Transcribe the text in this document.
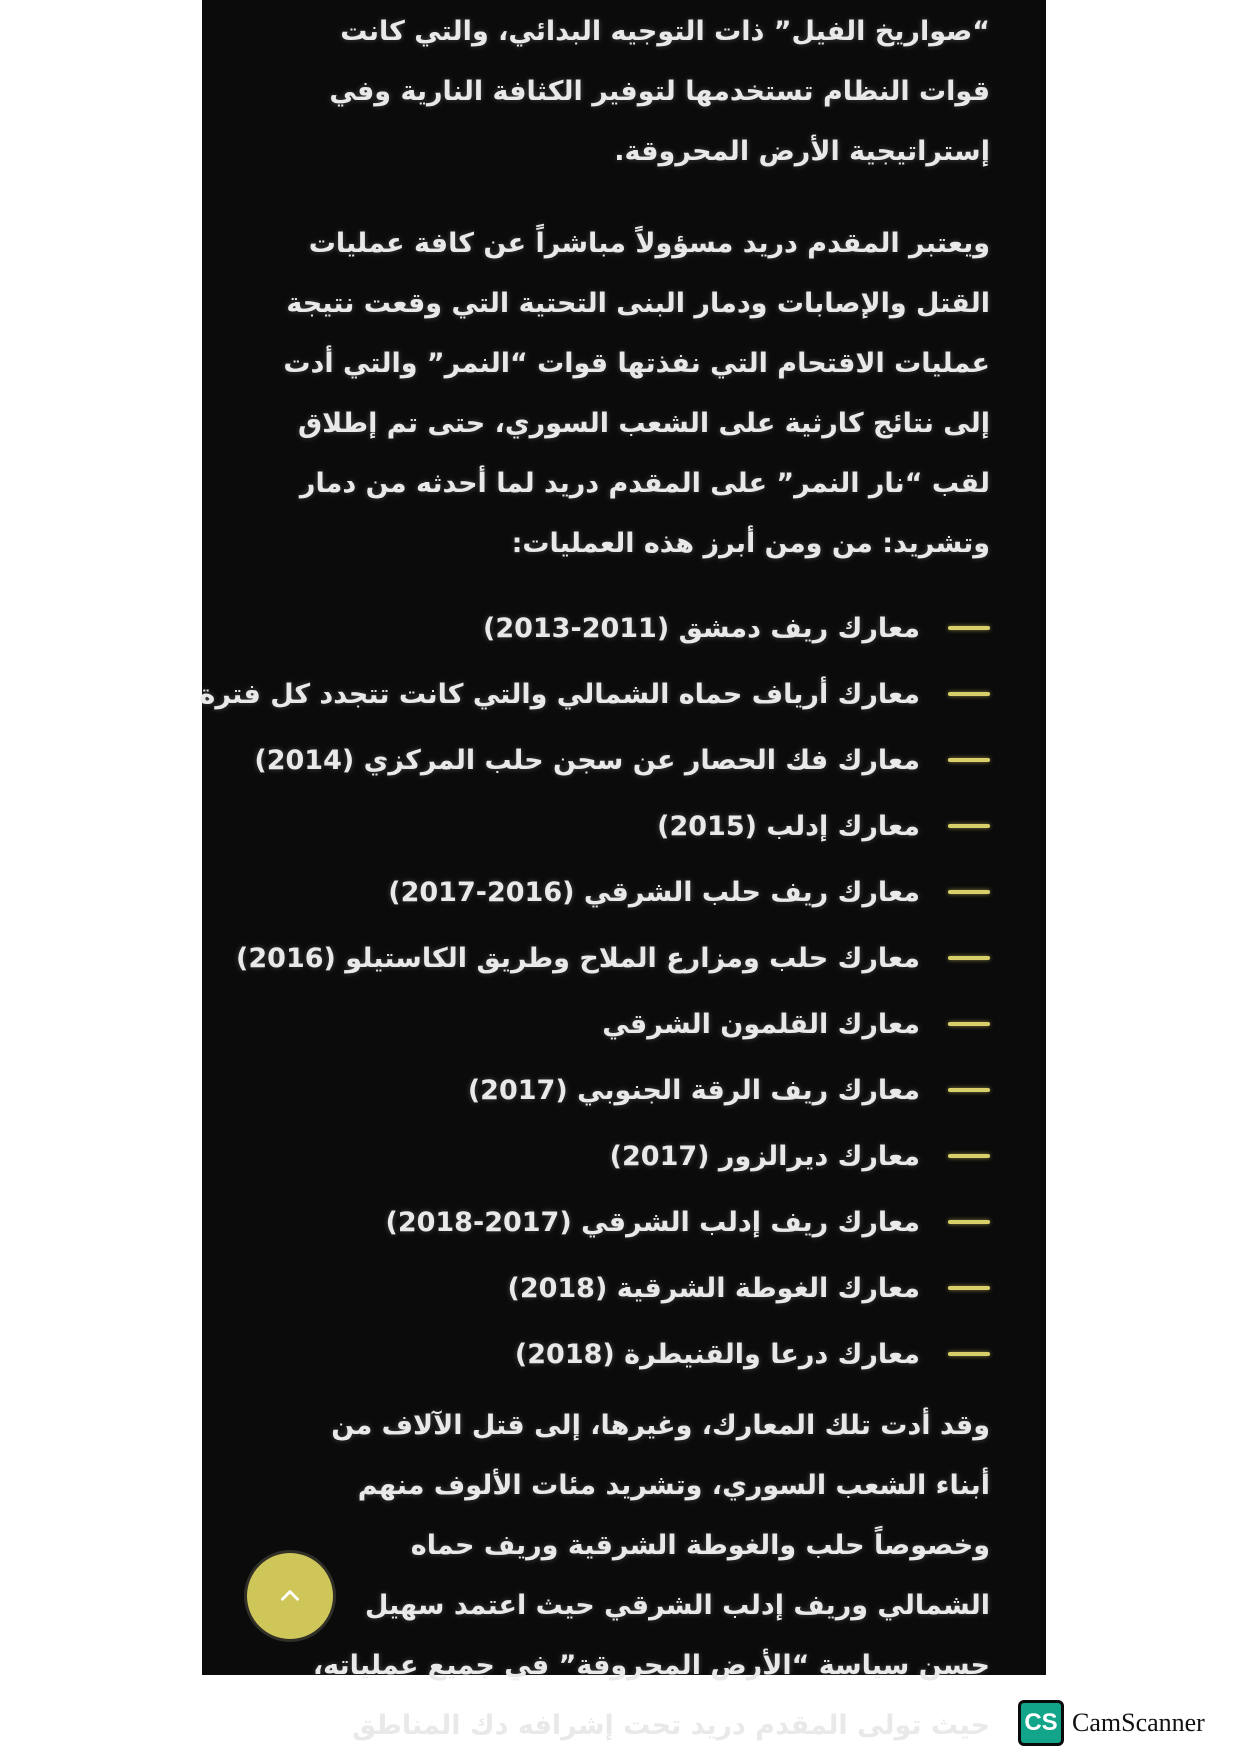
“صواريخ الفيل” ذات التوجيه البدائي، والتي كانت قوات النظام تستخدمها لتوفير الكثافة النارية وفي إستراتيجية الأرض المحروقة.

ويعتبر المقدم دريد مسؤولاً مباشراً عن كافة عمليات القتل والإصابات ودمار البنى التحتية التي وقعت نتيجة عمليات الاقتحام التي نفذتها قوات “النمر” والتي أدت إلى نتائج كارثية على الشعب السوري، حتى تم إطلاق لقب “نار النمر” على المقدم دريد لما أحدثه من دمار وتشريد: من ومن أبرز هذه العمليات:

معارك ريف دمشق (2011-2013)
معارك أرياف حماه الشمالي والتي كانت تتجدد كل فترة
معارك فك الحصار عن سجن حلب المركزي (2014)
معارك إدلب (2015)
معارك ريف حلب الشرقي (2016-2017)
معارك حلب ومزارع الملاح وطريق الكاستيلو (2016)
معارك القلمون الشرقي
معارك ريف الرقة الجنوبي (2017)
معارك ديرالزور (2017)
معارك ريف إدلب الشرقي (2017-2018)
معارك الغوطة الشرقية (2018)
معارك درعا والقنيطرة (2018)

وقد أدت تلك المعارك، وغيرها، إلى قتل الآلاف من أبناء الشعب السوري، وتشريد مئات الألوف منهم وخصوصاً حلب والغوطة الشرقية وريف حماه الشمالي وريف إدلب الشرقي حيث اعتمد سهيل حسن سياسة “الأرض المحروقة” في جميع عملياته، حيث تولى المقدم دريد تحت إشرافه دك المناطق CS CamScanner
